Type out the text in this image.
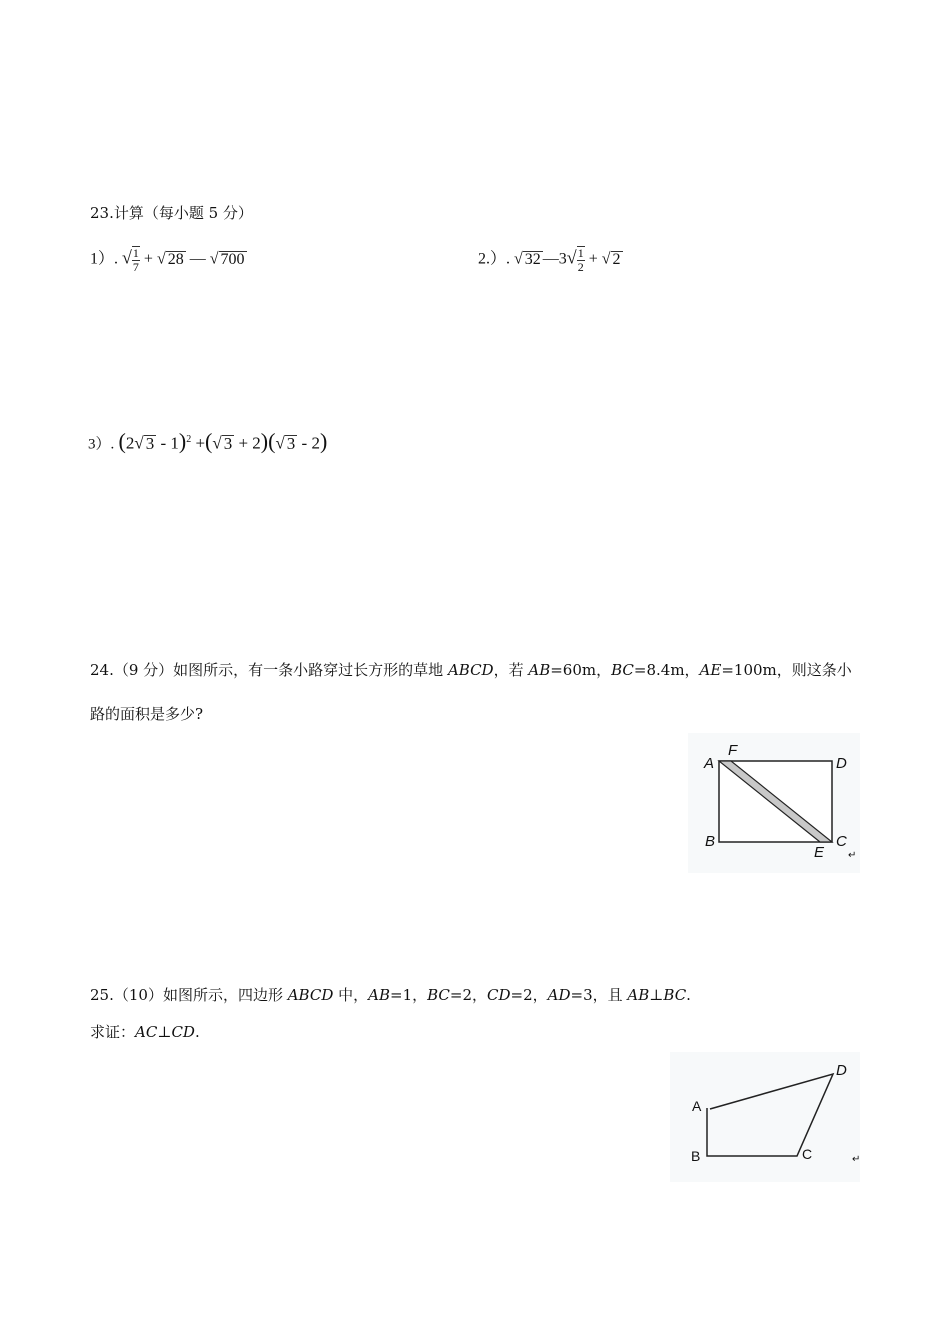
23.计算（每小题 5 分）
1）. √ $\frac{1}{7}$ + √ 28 — √ 700	2.）. √ 32 —3√ $\frac{1}{2}$ + √ 2
3）. (2√ 3 - 1)$^2$ +(√ 3 + 2)(√ 3 - 2)
24.（9 分）如图所示，有一条小路穿过长方形的草地 ABCD，若 AB=60m，BC=8.4m，AE=100m，则这条小
路的面积是多少?
A
F
D
B
E
C
↵
25.（10）如图所示，四边形 ABCD 中，AB=1，BC=2，CD=2，AD=3，且 AB⊥BC.
求证：AC⊥CD.
A
B	C
D
↵
